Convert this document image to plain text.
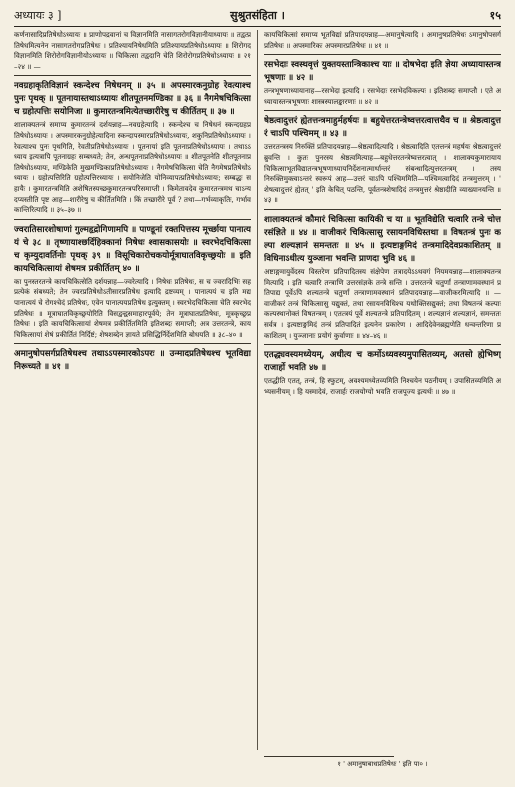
अध्यायः ३ ]	सुश्रुतसंहिता ।	१५

कर्णनासादिप्रतिषेधोऽध्यायः ॥ प्राणोपद्रवानां च विज्ञानमिति नासागतरोगविज्ञानीयाध्यायः ॥ तद्वत्प्रतिषेधमित्यनेन नासागतरोगप्रतिषेधः । प्रतिश्यायनिषेधमिति प्रतिश्यायप्रतिषेधोऽध्यायः ॥ शिरोगदविज्ञानमिति शिरोरोगविज्ञानीयोऽध्यायः ॥ चिकित्सा तद्वदानि चेति शिरोरोगप्रतिषेधोऽध्यायः ॥ २१–२४ ॥ —

नवग्रहाकृतिविज्ञानं स्कन्देश्च निषेधनम् ॥ ३५ ॥ अपस्मारकनुग्रोह रेवत्याश्च पुनः पृथक् ॥ पूतनायास्तथाऽध्यायः शीतपूतनमण्डिका ॥ ३६ ॥ नैगमेषचिकित्सा च ग्रहोत्पत्तिः सयोनिजा ॥ कुमारतन्त्रमित्येतच्छारीरेषु च कीर्तितम् ॥ ३७ ॥

शालाक्यतन्त्रं समाप्य कुमारतन्त्रं दर्शयन्नाह—नवग्रहेत्यादि । स्कन्देश्च च निषेधनं स्कन्दग्रहप्रतिषेधोऽध्यायः । अपस्मारकनुग्रोहेत्यादिना स्कन्दापस्मारप्रतिषेधोऽध्यायः, शकुनिप्रतिषेधोऽध्यायः । रेवत्याश्च पुनः पृथगिति, रेवतीप्रतिषेधोऽध्यायः । पूतनायां इति पूतनाप्रतिषेधोऽध्यायः । तथाऽऽध्याय इत्यत्रापि पूतनाग्रहः सम्बध्यते; तेन, अन्धपूतनाप्रतिषेधोऽध्यायः ॥ शीतपूतनेति शीतपूतनाप्रतिषेधोऽध्यायः, मण्डिकेति मुखमण्डिकाप्रतिषेधोऽध्यायः । नैगमेषचिकित्सा चेति नैगमेषप्रतिषेधोऽध्यायः । ग्रहोत्पत्तिरिति ग्रहोत्पत्तिरध्यायः । सयोनिजेति योनिव्यापत्प्रतिषेधोऽध्यायः; सम्बद्धः सहायैः । कुमारतन्त्रमिति अशेषितस्यच्छकुमारतन्त्रपरिसमाप्ती । किमेतावदेव कुमारतन्त्रमथ चाऽन्यदप्यस्तीति पृष्ट आह—शारीरेषु च कीर्तितमिति । किं तच्छारीरे पूर्वं ? तथा—गर्भव्याकृतिः, गर्भावकान्तिरित्यादि ॥ ३५–३७ ॥

ज्वरातिसारशोषाणां गुल्महृद्रोगिणामपि ॥ पाण्डूनां रक्तपित्तस्य मूर्च्छाया पानात्ययं चे ३८ ॥ तृष्णायाश्छर्दिहिक्कानां निषेधः श्वासकासयोः ॥ स्वरभेदचिकित्सा च कृम्युदावर्तिनोः पृथक् ३९ ॥ विसूचिकारोचकयोर्मूत्राघातविकृच्छ्रयोः ॥ इति कायचिकित्सायां शेषमत्र प्रकीर्तितम् ४० ॥

का पुनस्तरतन्त्रे कायचिकित्सेति दर्शयन्नाह—ज्वरेत्यादि । निषेधः प्रतिषेधः, स च ज्वरादिभिः सह प्रत्येकं संबध्यते; तेन ज्वरप्रतिषेधोऽतीसारप्रतिषेध इत्यादि द्रष्टव्यम् । पानात्ययं च इति मद्यपानात्ययं चे रोगश्चेदं प्रतिषेधः, एवेन पानात्ययप्रतिषेध इत्युक्तम् । स्वरभेदचिकित्सा चेति स्वरभेदप्रतिषेधः ॥ मूत्राघातविकृच्छ्रयोरिति विसद्वन्द्वसमाहारपूर्वये; तेन मूत्राघातप्रतिषेधः, मूत्रकृच्छ्रप्रतिषेधः । इति कायचिकित्सायां शेषमत्र प्रकीर्तितमिति इतिशब्दः समाप्तौ; अत्र उत्तरतन्त्रे, कायचिकित्सायां शेषं प्रकीर्तितं निर्दिष्टं; शेषशब्देन ज्ञायते प्रसिद्धिर्निर्देशमिति बोधयति ॥ ३८–४० ॥

अमानुषोपसर्गप्रतिषेधश्च तथाऽऽपस्मारकोऽपरः ॥ उन्मादप्रतिषेधश्च भूतविद्या निरूच्यते ॥ ४१ ॥

कायचिकित्सां समाप्य भूतविद्यां प्रतिपादयन्नाह—अमानुषेत्यादि । अमानुषप्रतिषेधः ऽमानुषोपसर्गप्रतिषेधः ॥ अपस्मारिकः अपस्मारप्रतिषेधः ॥ ४१ ॥

रसभेदाः स्वस्थवृत्तं युक्तयस्तान्त्रिकाश्च याः ॥ दोषभेदा इति ज्ञेया अध्यायास्तन्त्रभूषणाः ॥ ४२ ॥

तन्त्रभूषणाध्यायानाह—रसभेदा इत्यादि । रसभेदाः रसभेदविकल्पः । इतिशब्दः समाप्तौ । एते अध्यायास्तन्त्रभूषणाः शास्त्रस्यालङ्कारणाः ॥ ४२ ॥

षेष्ठत्वादुत्तरं ह्येतत्तन्त्रमाहुर्महर्षयः ॥ बहुधेत्तरतन्त्रेष्वत्तरत्वात्तथैव च ॥ श्रेष्ठत्वादुत्तरं चाऽपि पश्चिमम् ॥ ४३ ॥

उत्तरतन्त्रस्य निरुक्तिं प्रतिपादयन्नाह—श्रेष्ठत्वादित्यादि । श्रेष्ठत्वादिति एतत्तन्त्रं महर्षयः श्रेष्ठत्वादुत्तरं ब्रुवन्ति । कुतः पुनरस्य श्रेष्ठत्वमित्याह—बहुधेत्तरतन्त्रेष्वत्तरत्वात् । शालाक्यकुमारायायचिकित्साभूतविद्यातन्त्रभूषणाध्यायनिर्देशनात्मार्थान्तरं संबन्धादित्युत्तरतन्त्रम् । तस्य निरुक्तिमुक्त्वाऽन्तरं स्वरूपं आह—उत्तरं चाऽपि पश्चिममिति—पश्चिमत्वादिदं तन्त्रमुत्तरम् । ' शेषत्वादुत्तरं ह्येतत् ' इति केचित् पठन्ति, पूर्वतन्त्रशेषादिदं तन्त्रमुत्तरं श्रेष्ठादीति व्याख्यानयन्ति ॥ ४३ ॥

शालाक्यतन्त्रं कौमारं चिकित्सा कायिकी च या ॥ भूतविद्येति चत्वारि तन्त्रे चोत्तरसंज्ञिते ॥ ४४ ॥ वाजीकरं चिकित्सासु रसायनविधिस्तथा ॥ विषतन्त्रं पुनः कल्पा शल्यज्ञानं समन्ततः ॥ ४५ ॥ इत्यष्टाङ्गमिदं तन्त्रमादिदेवप्रकाशितम् ॥ विधिनाऽधीत्य युञ्जाना भवन्ति प्राणदा भुवि ४६ ॥

अष्टाङ्गमायुर्वेदस्य विस्तरेण प्रतिपादितस्य संक्षेपेण तत्रादयेऽऽथवगं नियमयन्नाह—शालाक्यतन्त्रमित्यादि । इति चत्वारि तन्त्राणि उत्तरसंज्ञके तन्त्रे सन्ति । उत्तरतन्त्रे चतुर्णां तन्त्राणामवस्थानं प्रतिपाद्य पूर्वेऽपि शल्यतन्त्रे चतुर्णां तन्त्राणामवस्थानं प्रतिपादयन्नाह—वाजीकरमित्यादि ॥ —वाजीकरं तन्त्रं चिकित्सासु यद्युक्तं, तथा रसायनविधिश्च यथोक्तिसद्युक्तं; तथा विषतन्त्रं कल्पाः कल्पस्थानोक्तं विषतन्त्रम् । एतत्त्रयं पूर्वे शल्यतन्त्रे प्रतिपादितम् । शल्यज्ञानं शल्यज्ञानं, समन्ततः सर्वत्र । इत्यष्टाङ्गमिदं तन्त्रं प्रतिपादितं इत्यनेन प्रकारेण । आदिदेवेनब्रह्मणेति धन्वन्तरिणा प्रकाशितम् । युञ्जानाः प्रयोगं कुर्वाणाः ॥ ४४–४६ ॥

एतद्ध्यवस्यमध्येयम्, अधीत्य च कर्मोऽध्यवस्यमुपासितव्यम्, अतसो ह्येभिष्ग् राजार्हो भवति ४७ ॥

एतद्धीति एतत्, तन्त्रं, हि स्फुटम्, अवश्यमध्येतव्यमिति निश्चयेन पठनीयम् । उपासितव्यमिति अभ्यसनीयम् । हि यस्मादेवं, राजार्हः राजयोग्यो भवति राजपूज्य इत्यर्थः ॥ ४७ ॥

१ ' अमानुषाबाधप्रतिषेधः ' इति पा० ।
